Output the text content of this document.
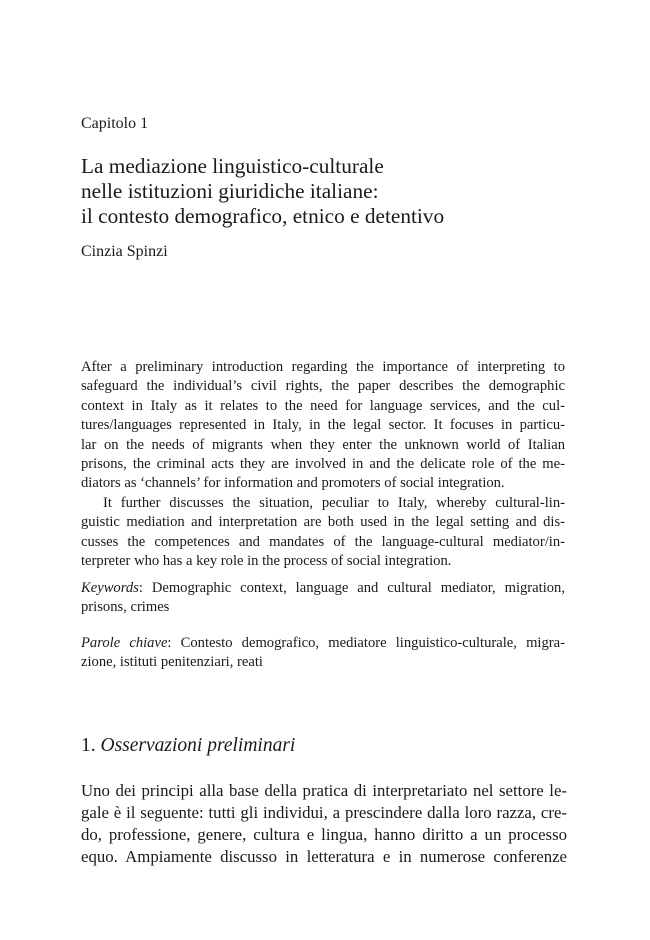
Capitolo 1
La mediazione linguistico-culturale
nelle istituzioni giuridiche italiane:
il contesto demografico, etnico e detentivo
Cinzia Spinzi
After a preliminary introduction regarding the importance of interpreting to
safeguard the individual’s civil rights, the paper describes the demographic
context in Italy as it relates to the need for language services, and the cul-
tures/languages represented in Italy, in the legal sector. It focuses in particu-
lar on the needs of migrants when they enter the unknown world of Italian
prisons, the criminal acts they are involved in and the delicate role of the me-
diators as ‘channels’ for information and promoters of social integration.
It further discusses the situation, peculiar to Italy, whereby cultural-lin-
guistic mediation and interpretation are both used in the legal setting and dis-
cusses the competences and mandates of the language-cultural mediator/in-
terpreter who has a key role in the process of social integration.
Keywords: Demographic context, language and cultural mediator, migration,
prisons, crimes
Parole chiave: Contesto demografico, mediatore linguistico-culturale, migra-
zione, istituti penitenziari, reati
1. Osservazioni preliminari
Uno dei principi alla base della pratica di interpretariato nel settore le-
gale è il seguente: tutti gli individui, a prescindere dalla loro razza, cre-
do, professione, genere, cultura e lingua, hanno diritto a un processo
equo. Ampiamente discusso in letteratura e in numerose conferenze
